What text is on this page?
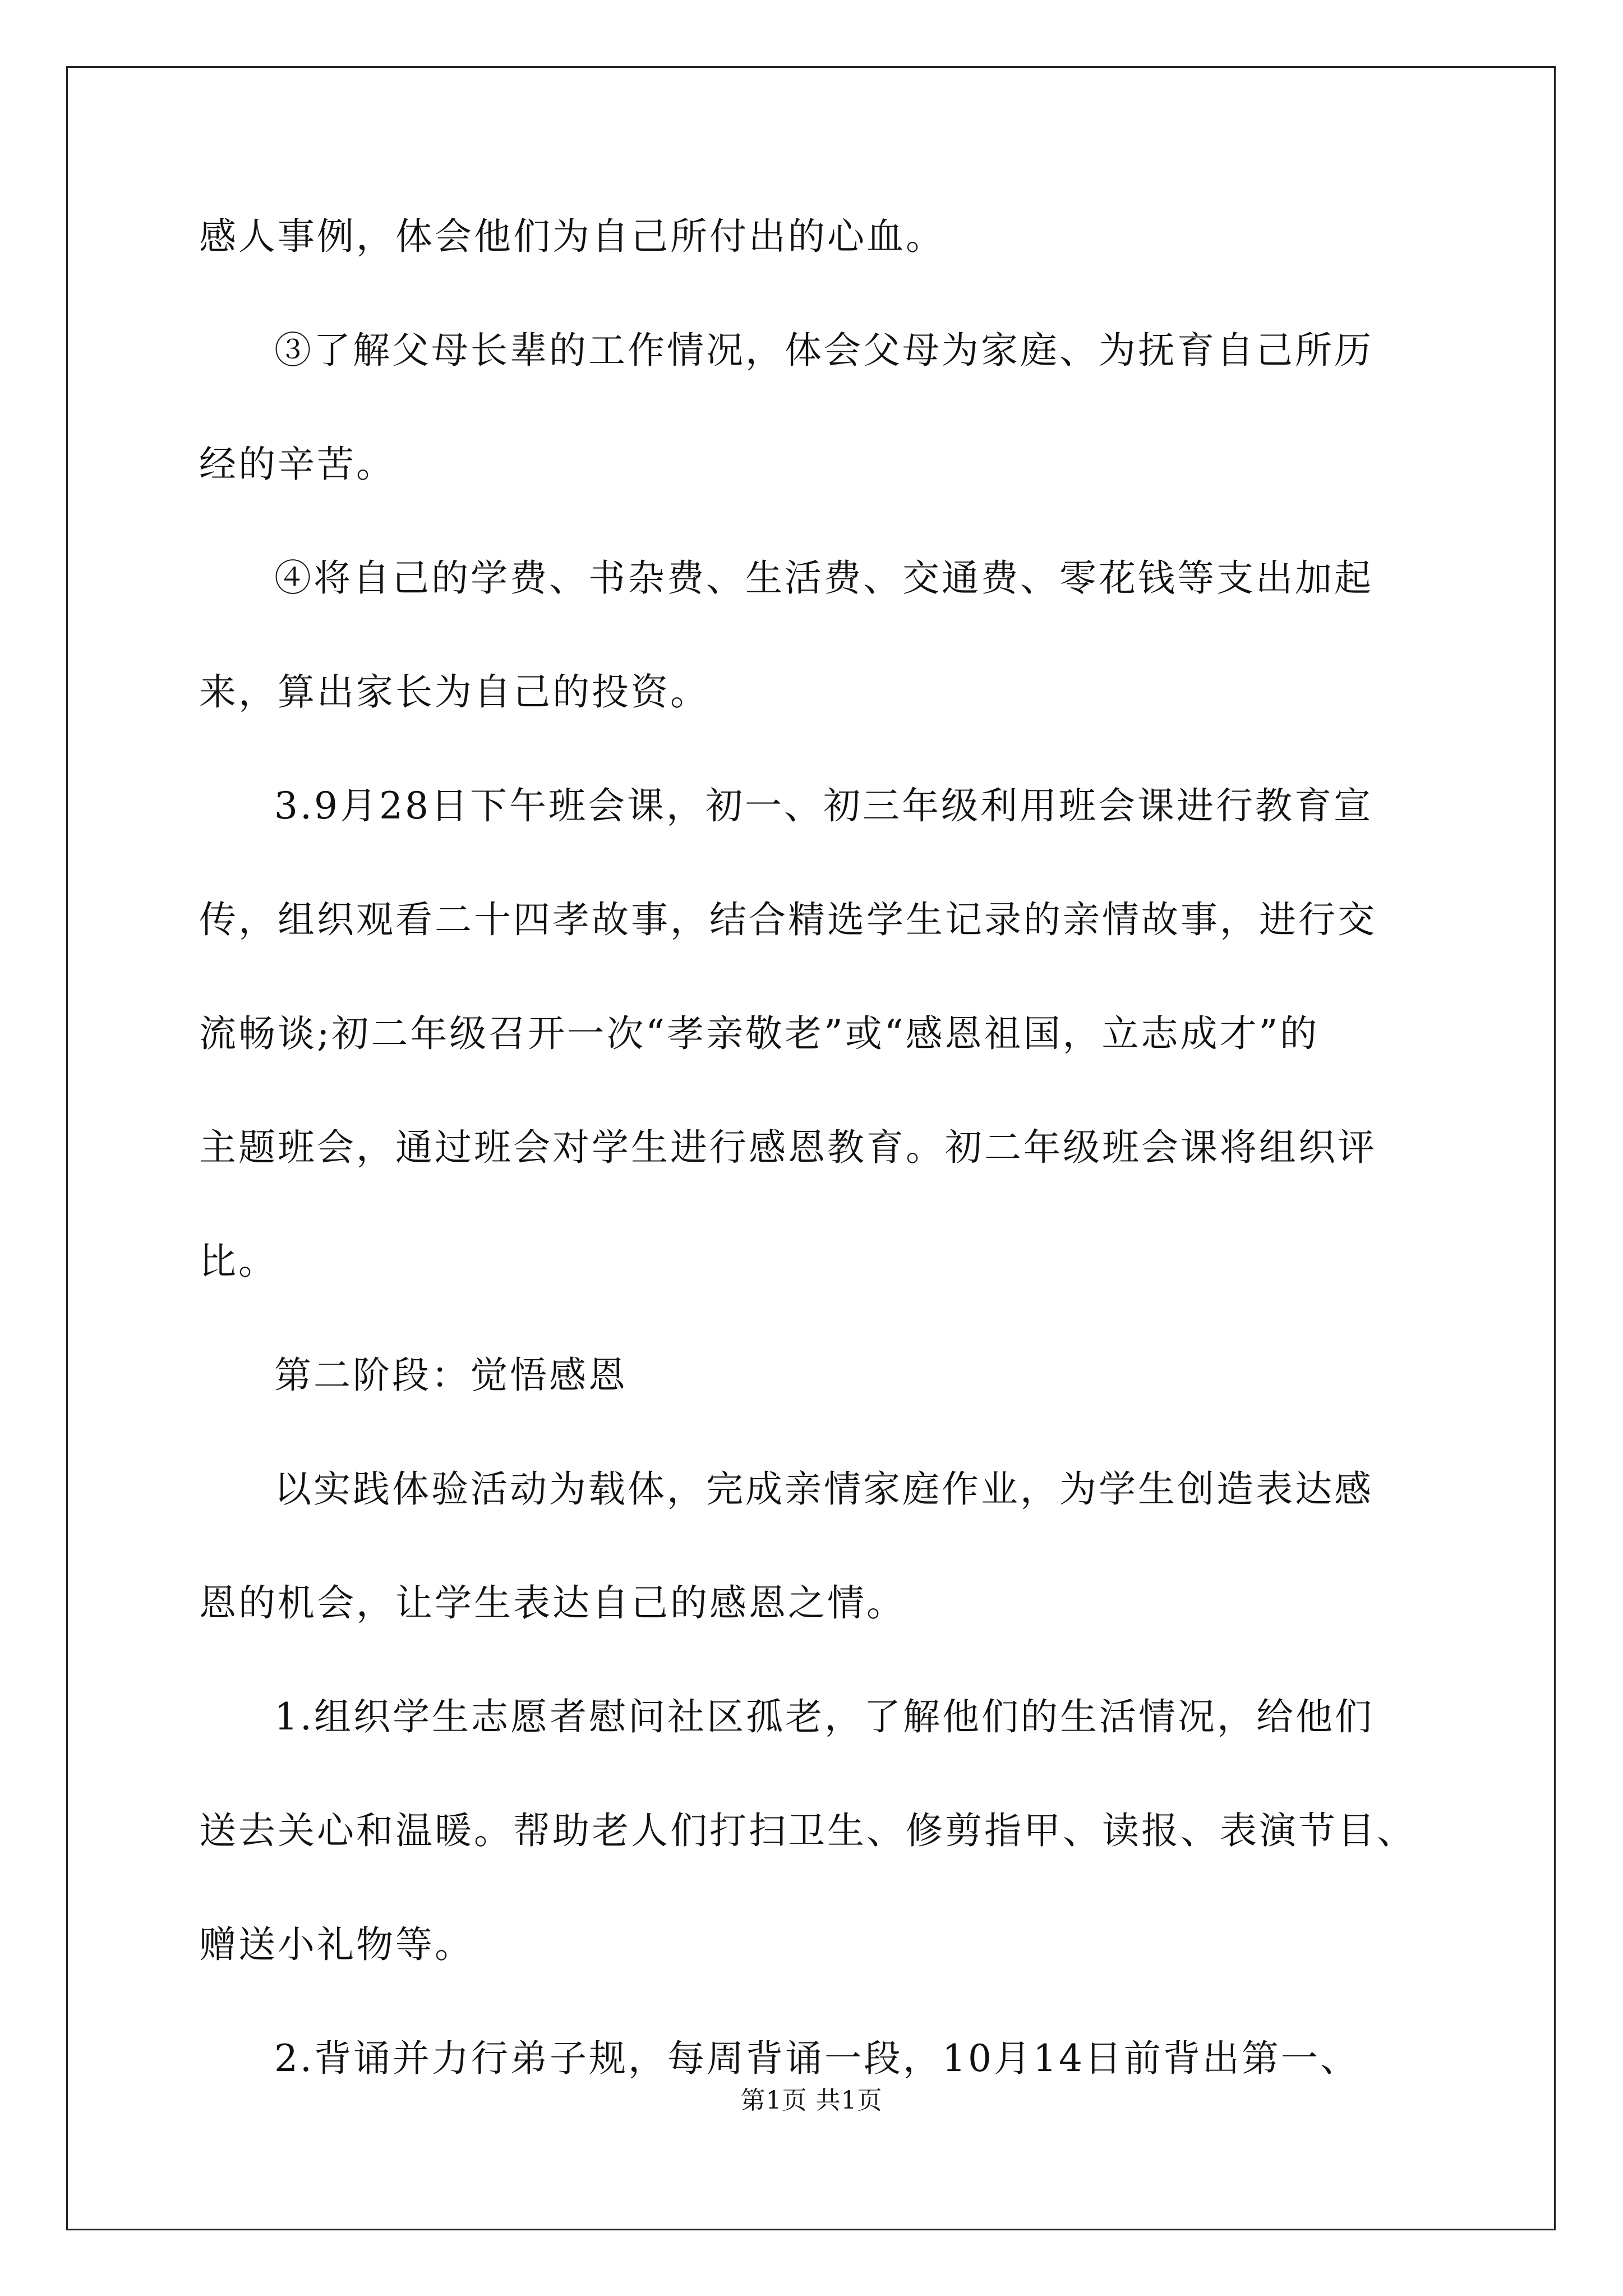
感人事例，体会他们为自己所付出的心血。
③了解父母长辈的工作情况，体会父母为家庭、为抚育自己所历
经的辛苦。
④将自己的学费、书杂费、生活费、交通费、零花钱等支出加起
来，算出家长为自己的投资。
3.9月28日下午班会课，初一、初三年级利用班会课进行教育宣
传，组织观看二十四孝故事，结合精选学生记录的亲情故事，进行交
流畅谈;初二年级召开一次“孝亲敬老”或“感恩祖国，立志成才”的
主题班会，通过班会对学生进行感恩教育。初二年级班会课将组织评
比。
第二阶段：觉悟感恩
以实践体验活动为载体，完成亲情家庭作业，为学生创造表达感
恩的机会，让学生表达自己的感恩之情。
1.组织学生志愿者慰问社区孤老，了解他们的生活情况，给他们
送去关心和温暖。帮助老人们打扫卫生、修剪指甲、读报、表演节目、
赠送小礼物等。
2.背诵并力行弟子规，每周背诵一段，10月14日前背出第一、
第1页 共1页
